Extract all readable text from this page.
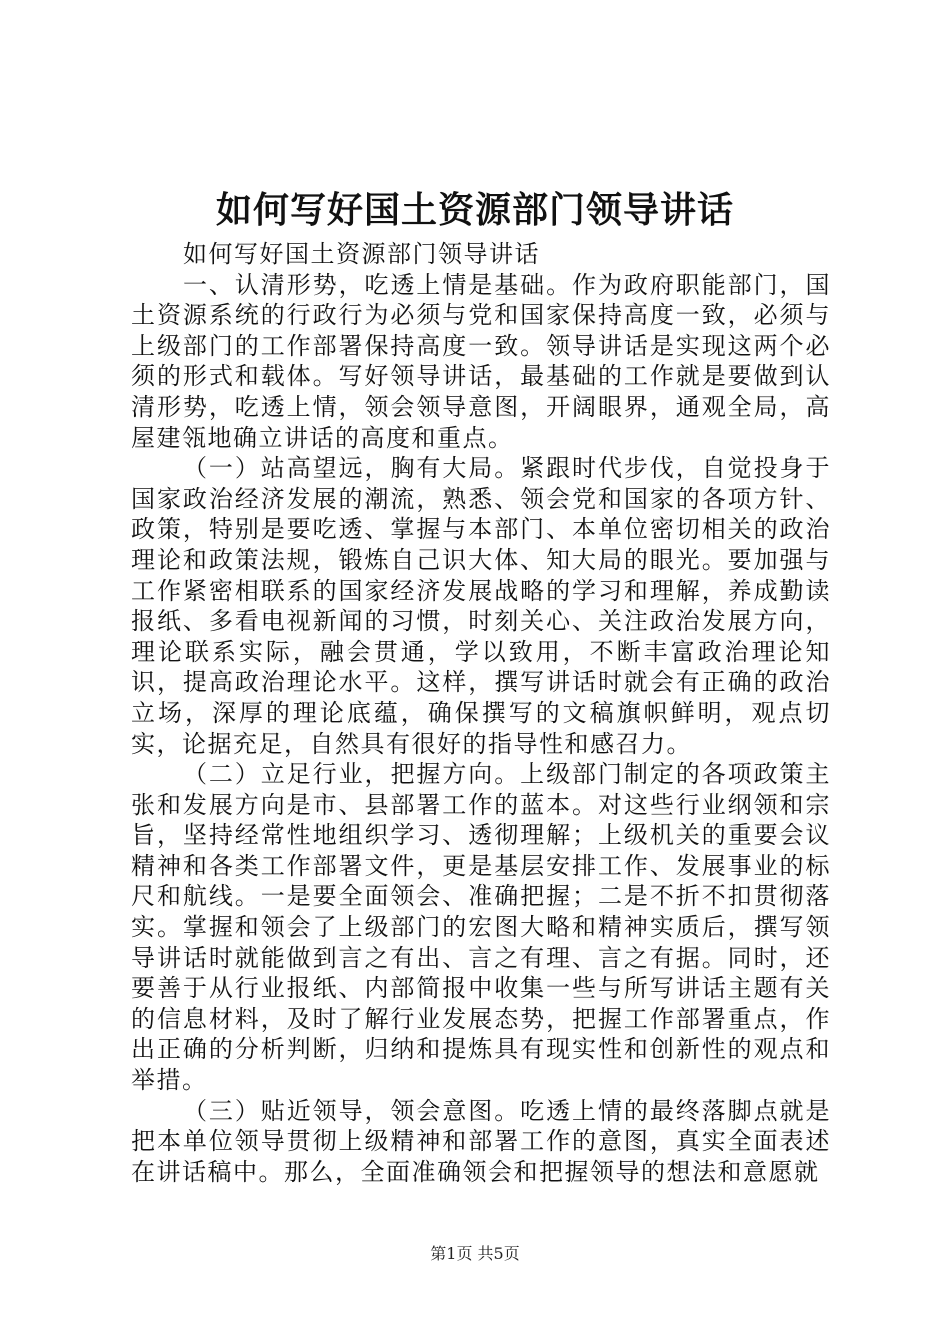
如何写好国土资源部门领导讲话

如何写好国土资源部门领导讲话

一、认清形势，吃透上情是基础。作为政府职能部门，国土资源系统的行政行为必须与党和国家保持高度一致，必须与上级部门的工作部署保持高度一致。领导讲话是实现这两个必须的形式和载体。写好领导讲话，最基础的工作就是要做到认清形势，吃透上情，领会领导意图，开阔眼界，通观全局，高屋建瓴地确立讲话的高度和重点。

（一）站高望远，胸有大局。紧跟时代步伐，自觉投身于国家政治经济发展的潮流，熟悉、领会党和国家的各项方针、政策，特别是要吃透、掌握与本部门、本单位密切相关的政治理论和政策法规，锻炼自己识大体、知大局的眼光。要加强与工作紧密相联系的国家经济发展战略的学习和理解，养成勤读报纸、多看电视新闻的习惯，时刻关心、关注政治发展方向，理论联系实际，融会贯通，学以致用，不断丰富政治理论知识，提高政治理论水平。这样，撰写讲话时就会有正确的政治立场，深厚的理论底蕴，确保撰写的文稿旗帜鲜明，观点切实，论据充足，自然具有很好的指导性和感召力。

（二）立足行业，把握方向。上级部门制定的各项政策主张和发展方向是市、县部署工作的蓝本。对这些行业纲领和宗旨，坚持经常性地组织学习、透彻理解；上级机关的重要会议精神和各类工作部署文件，更是基层安排工作、发展事业的标尺和航线。一是要全面领会、准确把握；二是不折不扣贯彻落实。掌握和领会了上级部门的宏图大略和精神实质后，撰写领导讲话时就能做到言之有出、言之有理、言之有据。同时，还要善于从行业报纸、内部简报中收集一些与所写讲话主题有关的信息材料，及时了解行业发展态势，把握工作部署重点，作出正确的分析判断，归纳和提炼具有现实性和创新性的观点和举措。

（三）贴近领导，领会意图。吃透上情的最终落脚点就是把本单位领导贯彻上级精神和部署工作的意图，真实全面表述在讲话稿中。那么，全面准确领会和把握领导的想法和意愿就

第1页 共5页
